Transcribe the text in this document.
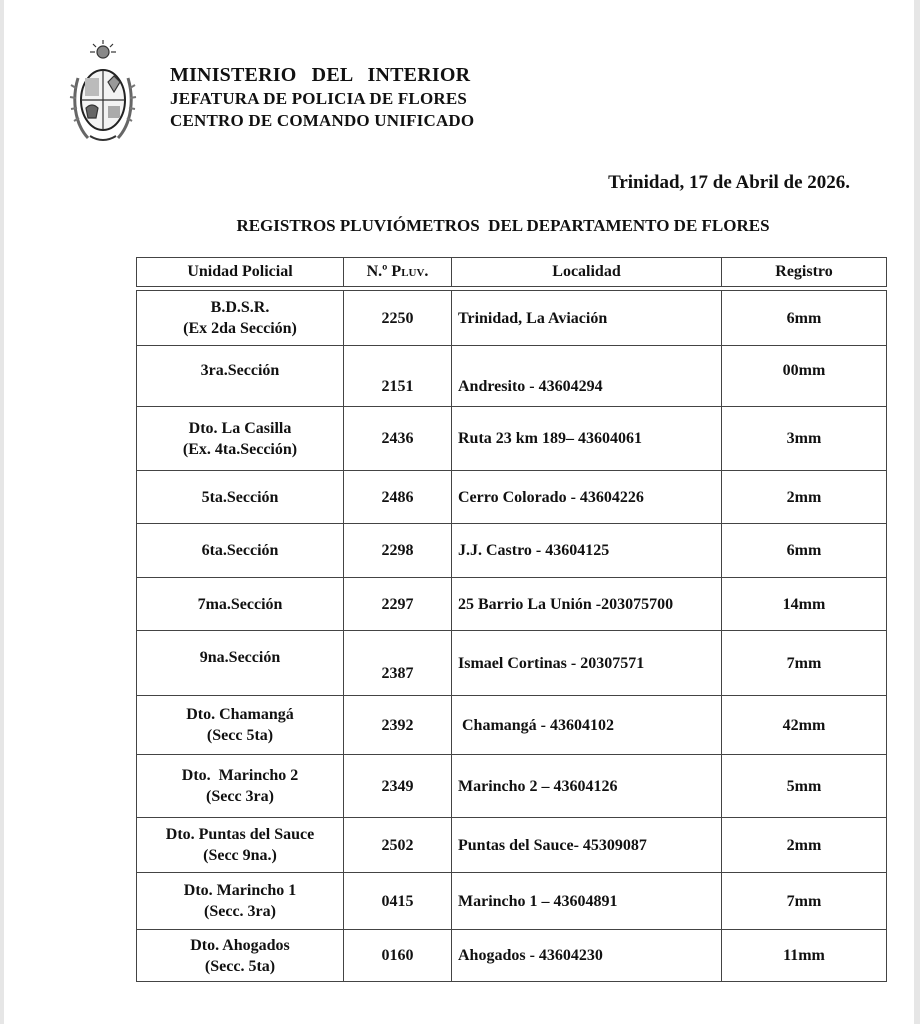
MINISTERIO DEL INTERIOR
JEFATURA DE POLICIA DE FLORES
CENTRO DE COMANDO UNIFICADO
Trinidad, 17 de Abril de 2026.
REGISTROS PLUVIÓMETROS  DEL DEPARTAMENTO DE FLORES
Unidad Policial	N.º Pluv.	Localidad	Registro

B.D.S.R.
(Ex 2da Sección)	2250	Trinidad, La Aviación	6mm
3ra.Sección	2151	Andresito - 43604294	00mm

Dto. La Casilla
(Ex. 4ta.Sección)	2436	Ruta 23 km 189– 43604061	3mm
5ta.Sección	2486	Cerro Colorado - 43604226	2mm
6ta.Sección	2298	J.J. Castro - 43604125	6mm
7ma.Sección	2297	25 Barrio La Unión -203075700	14mm
9na.Sección	2387	Ismael Cortinas - 20307571	7mm

Dto. Chamangá
(Secc 5ta)	2392	Chamangá - 43604102	42mm

Dto.  Marincho 2
(Secc 3ra)	2349	Marincho 2 – 43604126	5mm

Dto. Puntas del Sauce
(Secc 9na.)	2502	Puntas del Sauce- 45309087	2mm

Dto. Marincho 1
(Secc. 3ra)	0415	Marincho 1 – 43604891	7mm

Dto. Ahogados
(Secc. 5ta)	0160	Ahogados - 43604230	11mm
